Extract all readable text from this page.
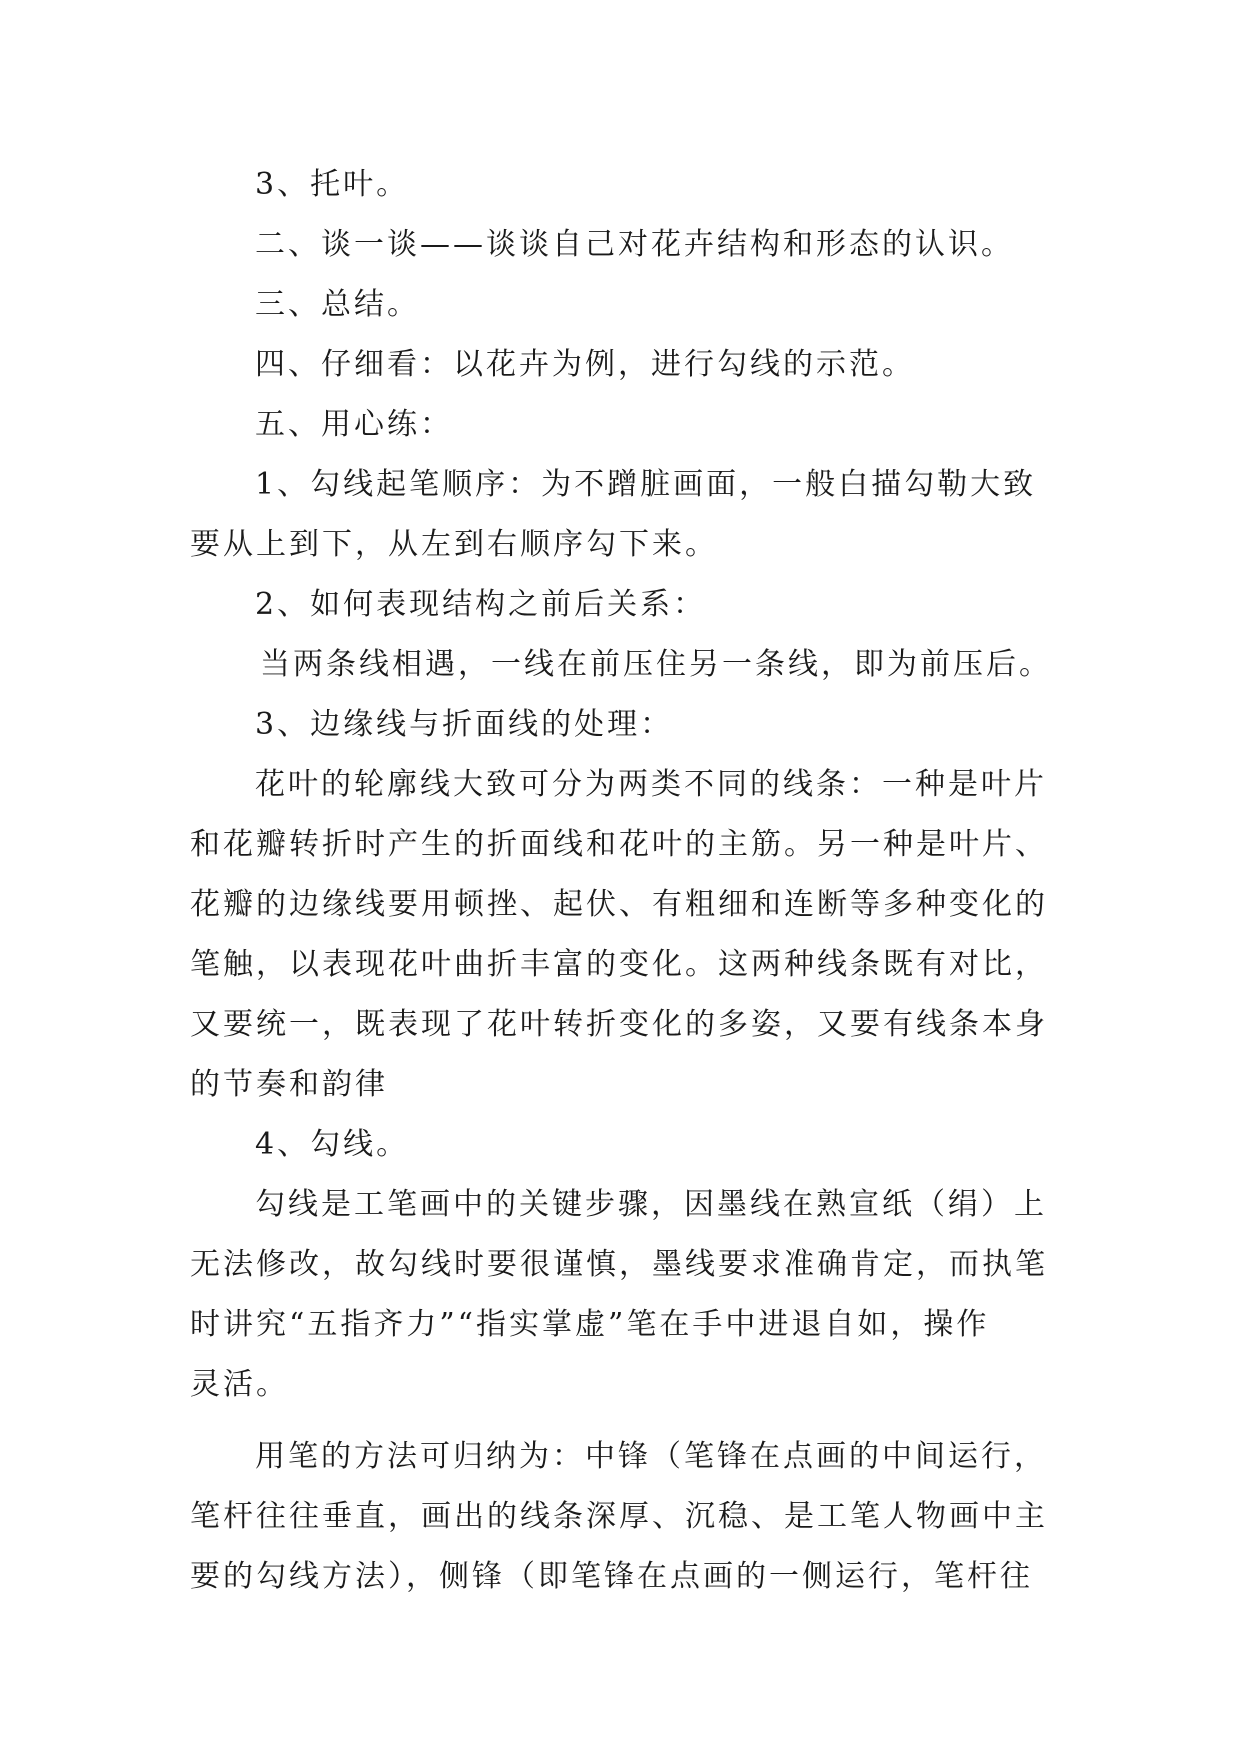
3、托叶。

二、谈一谈——谈谈自己对花卉结构和形态的认识。

三、总结。

四、仔细看：以花卉为例，进行勾线的示范。

五、用心练：

1、勾线起笔顺序：为不蹭脏画面，一般白描勾勒大致

要从上到下，从左到右顺序勾下来。

2、如何表现结构之前后关系：

当两条线相遇，一线在前压住另一条线，即为前压后。

3、边缘线与折面线的处理：

花叶的轮廓线大致可分为两类不同的线条：一种是叶片

和花瓣转折时产生的折面线和花叶的主筋。另一种是叶片、

花瓣的边缘线要用顿挫、起伏、有粗细和连断等多种变化的

笔触，以表现花叶曲折丰富的变化。这两种线条既有对比，

又要统一，既表现了花叶转折变化的多姿，又要有线条本身

的节奏和韵律

4、勾线。

勾线是工笔画中的关键步骤，因墨线在熟宣纸（绢）上

无法修改，故勾线时要很谨慎，墨线要求准确肯定，而执笔

时讲究“五指齐力”“指实掌虚”笔在手中进退自如，操作

灵活。

用笔的方法可归纳为：中锋（笔锋在点画的中间运行，

笔杆往往垂直，画出的线条深厚、沉稳、是工笔人物画中主

要的勾线方法），侧锋（即笔锋在点画的一侧运行，笔杆往
